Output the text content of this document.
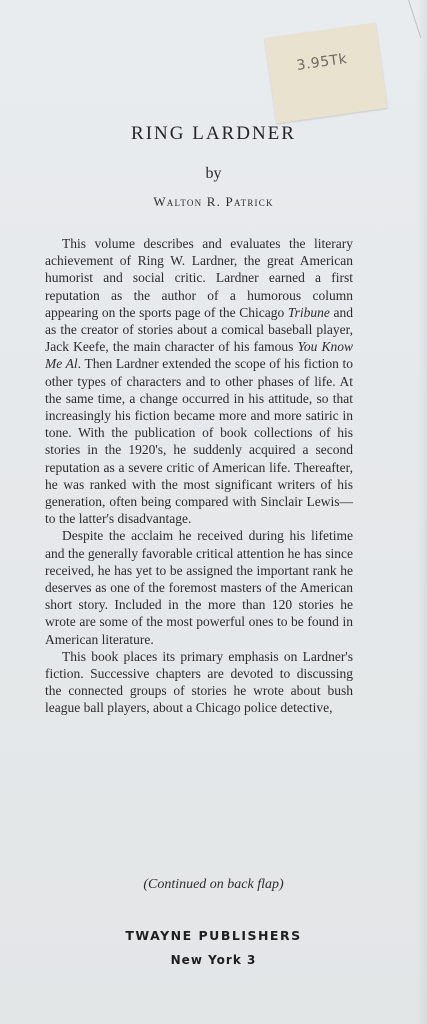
3.95Tk
RING LARDNER
by
Walton R. Patrick

This volume describes and evaluates the literary achievement of Ring W. Lardner, the great American humorist and social critic. Lardner earned a first reputation as the author of a humorous column appearing on the sports page of the Chicago Tribune and as the creator of stories about a comical baseball player, Jack Keefe, the main character of his famous You Know Me Al. Then Lardner extended the scope of his fiction to other types of characters and to other phases of life. At the same time, a change occurred in his attitude, so that increasingly his fiction became more and more satiric in tone. With the publication of book collections of his stories in the 1920's, he suddenly acquired a second reputation as a severe critic of American life. Thereafter, he was ranked with the most significant writers of his generation, often being compared with Sinclair Lewis—to the latter's disadvantage.

Despite the acclaim he received during his lifetime and the generally favorable critical attention he has since received, he has yet to be assigned the important rank he deserves as one of the foremost masters of the American short story. Included in the more than 120 stories he wrote are some of the most powerful ones to be found in American literature.

This book places its primary emphasis on Lardner's fiction. Successive chapters are devoted to discussing the connected groups of stories he wrote about bush league ball players, about a Chicago police detective,

(Continued on back flap)
TWAYNE PUBLISHERS
New York 3
